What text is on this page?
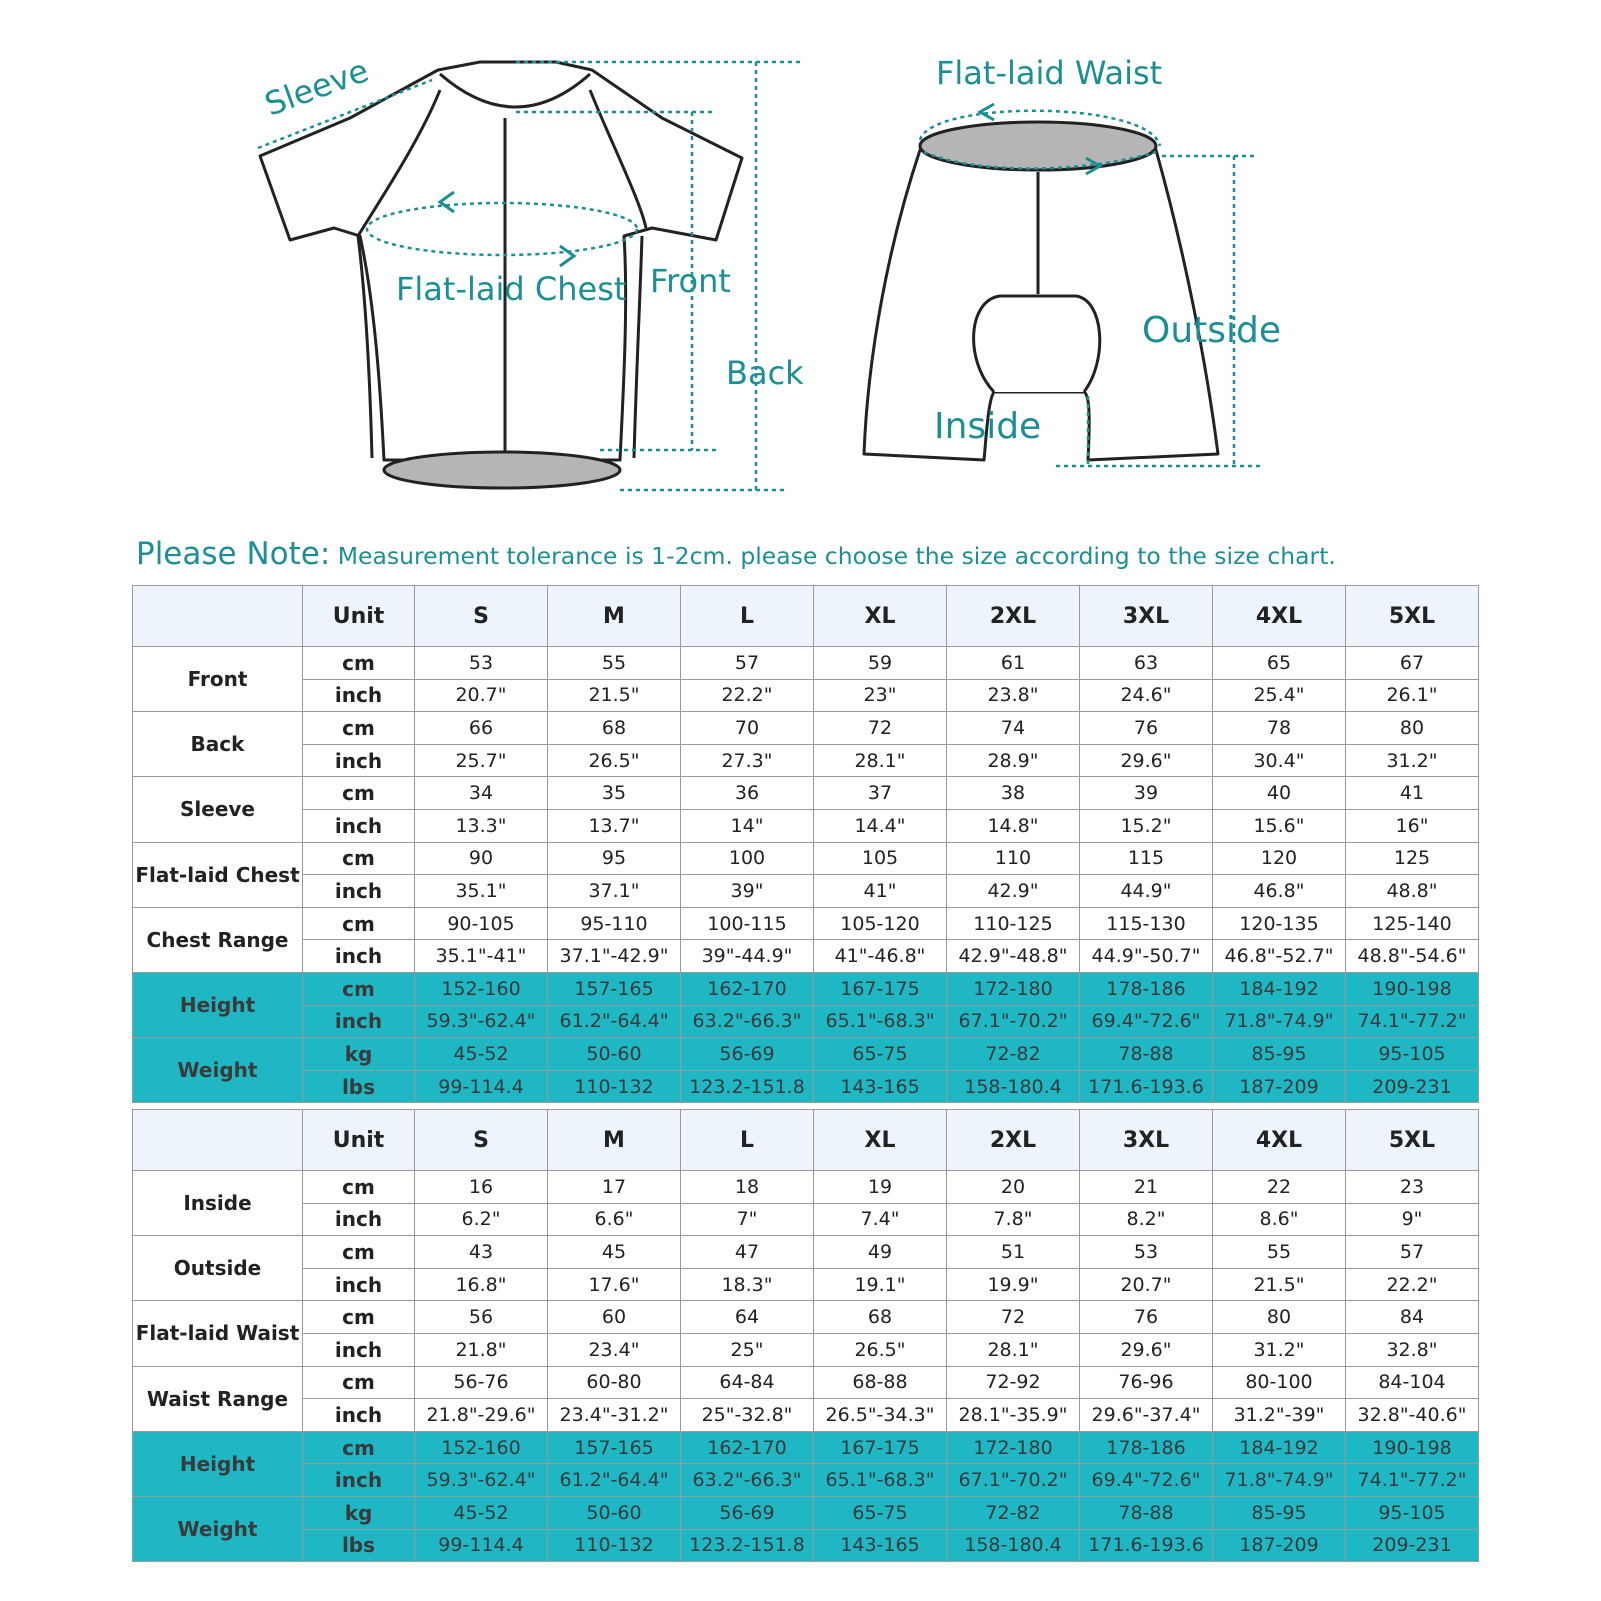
Sleeve
Flat-laid Chest Front
Back
Flat-laid Waist
Outside
Inside
Please Note: Measurement tolerance is 1-2cm. please choose the size according to the size chart.
	Unit	S	M	L	XL	2XL	3XL	4XL	5XL
Front	cm	53	55	57	59	61	63	65	67
	inch	20.7"	21.5"	22.2"	23"	23.8"	24.6"	25.4"	26.1"
Back	cm	66	68	70	72	74	76	78	80
	inch	25.7"	26.5"	27.3"	28.1"	28.9"	29.6"	30.4"	31.2"
Sleeve	cm	34	35	36	37	38	39	40	41
	inch	13.3"	13.7"	14"	14.4"	14.8"	15.2"	15.6"	16"
Flat-laid Chest	cm	90	95	100	105	110	115	120	125
	inch	35.1"	37.1"	39"	41"	42.9"	44.9"	46.8"	48.8"
Chest Range	cm	90-105	95-110	100-115	105-120	110-125	115-130	120-135	125-140
	inch	35.1"-41"	37.1"-42.9"	39"-44.9"	41"-46.8"	42.9"-48.8"	44.9"-50.7"	46.8"-52.7"	48.8"-54.6"
Height	cm	152-160	157-165	162-170	167-175	172-180	178-186	184-192	190-198
	inch	59.3"-62.4"	61.2"-64.4"	63.2"-66.3"	65.1"-68.3"	67.1"-70.2"	69.4"-72.6"	71.8"-74.9"	74.1"-77.2"
Weight	kg	45-52	50-60	56-69	65-75	72-82	78-88	85-95	95-105
	lbs	99-114.4	110-132	123.2-151.8	143-165	158-180.4	171.6-193.6	187-209	209-231
	Unit	S	M	L	XL	2XL	3XL	4XL	5XL
Inside	cm	16	17	18	19	20	21	22	23
	inch	6.2"	6.6"	7"	7.4"	7.8"	8.2"	8.6"	9"
Outside	cm	43	45	47	49	51	53	55	57
	inch	16.8"	17.6"	18.3"	19.1"	19.9"	20.7"	21.5"	22.2"
Flat-laid Waist	cm	56	60	64	68	72	76	80	84
	inch	21.8"	23.4"	25"	26.5"	28.1"	29.6"	31.2"	32.8"
Waist Range	cm	56-76	60-80	64-84	68-88	72-92	76-96	80-100	84-104
	inch	21.8"-29.6"	23.4"-31.2"	25"-32.8"	26.5"-34.3"	28.1"-35.9"	29.6"-37.4"	31.2"-39"	32.8"-40.6"
Height	cm	152-160	157-165	162-170	167-175	172-180	178-186	184-192	190-198
	inch	59.3"-62.4"	61.2"-64.4"	63.2"-66.3"	65.1"-68.3"	67.1"-70.2"	69.4"-72.6"	71.8"-74.9"	74.1"-77.2"
Weight	kg	45-52	50-60	56-69	65-75	72-82	78-88	85-95	95-105
	lbs	99-114.4	110-132	123.2-151.8	143-165	158-180.4	171.6-193.6	187-209	209-231
